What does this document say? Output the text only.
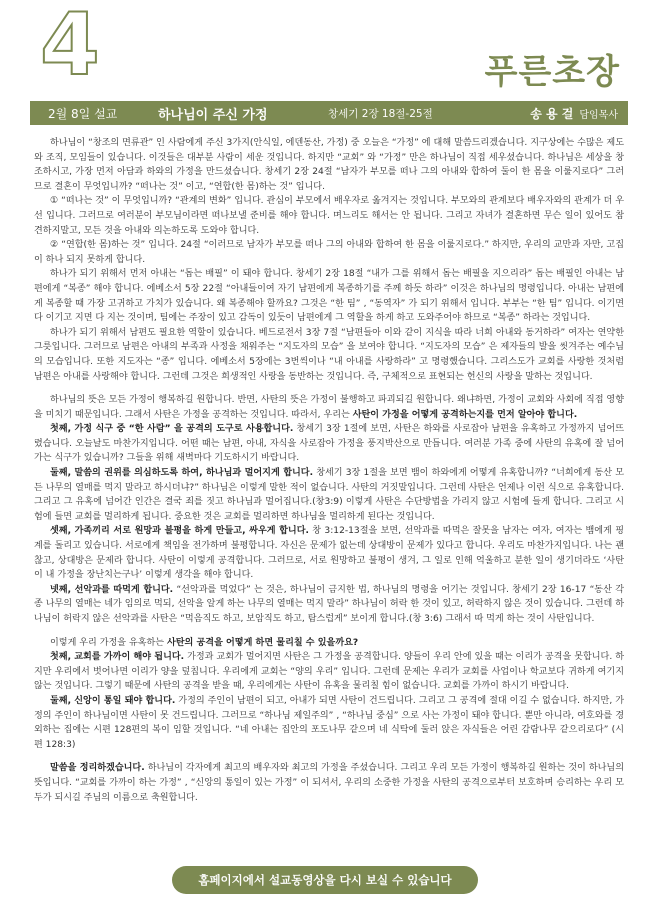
4	푸른초장
2월 8일 설교	하나님이 주신 가정	창세기 2장 18절-25절	송 용 걸 담임목사

하나님이 “창조의 면류관” 인 사람에게 주신 3가지(안식일, 에덴동산, 가정) 중 오늘은 “가정” 에 대해 말씀드리겠습니다. 지구상에는 수많은 제도와 조직, 모임들이 있습니다. 이것들은 대부분 사람이 세운 것입니다. 하지만 “교회” 와 “가정” 만은 하나님이 직접 세우셨습니다. 하나님은 세상을 창조하시고, 가장 먼저 아담과 하와의 가정을 만드셨습니다. 창세기 2장 24절 “남자가 부모를 떠나 그의 아내와 합하여 둘이 한 몸을 이룰지로다” 그러므로 결혼이 무엇입니까? “떠나는 것” 이고, “연합(한 몸)하는 것” 입니다.

① “떠나는 것” 이 무엇입니까? “관계의 변화” 입니다. 관심이 부모에서 배우자로 옮겨지는 것입니다. 부모와의 관계보다 배우자와의 관계가 더 우선 입니다. 그러므로 여러분이 부모님이라면 떠나보낼 준비를 해야 합니다. 며느리도 해서는 안 됩니다. 그리고 자녀가 결혼하면 무슨 일이 있어도 참견하지말고, 모든 것을 아내와 의논하도록 도와야 합니다.

② “연합(한 몸)하는 것” 입니다. 24절 “이러므로 남자가 부모를 떠나 그의 아내와 합하여 한 몸을 이룰지로다.” 하지만, 우리의 교만과 자만, 고집이 하나 되지 못하게 합니다.

하나가 되기 위해서 먼저 아내는 “돕는 배필” 이 돼야 합니다. 창세기 2장 18절 “내가 그를 위해서 돕는 배필을 지으리라” 돕는 배필인 아내는 남편에게 “복종” 해야 합니다. 에베소서 5장 22절 “아내들이여 자기 남편에게 복종하기를 주께 하듯 하라” 이것은 하나님의 명령입니다. 아내는 남편에게 복종할 때 가장 고귀하고 가치가 있습니다. 왜 복종해야 할까요? 그것은 “한 팀” , “동역자” 가 되기 위해서 입니다. 부부는 “한 팀” 입니다. 이기면 다 이기고 지면 다 지는 것이며, 팀에는 주장이 있고 감독이 있듯이 남편에게 그 역할을 하게 하고 도와주어야 하므로 “복종” 하라는 것입니다.

하나가 되기 위해서 남편도 필요한 역할이 있습니다. 베드로전서 3장 7절 “남편들아 이와 같이 지식을 따라 너희 아내와 동거하라” 여자는 연약한 그릇입니다. 그러므로 남편은 아내의 부족과 사정을 채워주는 “지도자의 모습” 을 보여야 합니다. “지도자의 모습” 은 제자들의 발을 씻겨주는 예수님의 모습입니다. 또한 지도자는 “종” 입니다. 에베소서 5장에는 3번씩이나 “내 아내를 사랑하라” 고 명령했습니다. 그리스도가 교회를 사랑한 것처럼 남편은 아내를 사랑해야 합니다. 그런데 그것은 희생적인 사랑을 동반하는 것입니다. 즉, 구체적으로 표현되는 헌신의 사랑을 말하는 것입니다.

하나님의 뜻은 모든 가정이 행복하길 원합니다. 반면, 사탄의 뜻은 가정이 불행하고 파괴되길 원합니다. 왜냐하면, 가정이 교회와 사회에 직접 영향을 미치기 때문입니다. 그래서 사탄은 가정을 공격하는 것입니다. 따라서, 우리는 사탄이 가정을 어떻게 공격하는지를 먼저 알아야 합니다.

첫째, 가정 식구 중 “한 사람” 을 공격의 도구로 사용합니다. 창세기 3장 1절에 보면, 사탄은 하와를 사로잡아 남편을 유혹하고 가정까지 넘어뜨렸습니다. 오늘날도 마찬가지입니다. 어떤 때는 남편, 아내, 자식을 사로잡아 가정을 풍지박산으로 만듭니다. 여러분 가족 중에 사탄의 유혹에 잘 넘어가는 식구가 있습니까? 그들을 위해 새벽마다 기도하시기 바랍니다.

둘째, 말씀의 권위를 의심하도록 하여, 하나님과 멀어지게 합니다. 창세기 3장 1절을 보면 뱀이 하와에게 어떻게 유혹합니까? “너희에게 동산 모든 나무의 열매를 먹지 말라고 하시더냐?” 하나님은 이렇게 말한 적이 없습니다. 사탄의 거짓말입니다. 그런데 사탄은 언제나 이런 식으로 유혹합니다. 그리고 그 유혹에 넘어간 인간은 결국 죄를 짓고 하나님과 멀어집니다.(창3:9) 이렇게 사탄은 수단방법을 가리지 않고 시험에 들게 합니다. 그리고 시험에 들면 교회를 멀리하게 됩니다. 중요한 것은 교회를 멀리하면 하나님을 멀리하게 된다는 것입니다.

셋째, 가족끼리 서로 원망과 불평을 하게 만들고, 싸우게 합니다. 창 3:12-13절을 보면, 선악과를 따먹은 잘못을 남자는 여자, 여자는 뱀에게 핑계를 돌리고 있습니다. 서로에게 책임을 전가하며 불평합니다. 자신은 문제가 없는데 상대방이 문제가 있다고 합니다. 우리도 마찬가지입니다. 나는 괜찮고, 상대방은 문제라 합니다. 사탄이 이렇게 공격합니다. 그러므로, 서로 원망하고 불평이 생겨, 그 일로 인해 억울하고 분한 일이 생기더라도 ‘사탄이 내 가정을 장난치는구나’ 이렇게 생각을 해야 합니다.

넷째, 선악과를 따먹게 합니다. “선악과를 먹었다” 는 것은, 하나님이 금지한 법, 하나님의 명령을 어기는 것입니다. 창세기 2장 16-17 “동산 각종 나무의 열매는 네가 임의로 먹되, 선악을 알게 하는 나무의 열매는 먹지 말라” 하나님이 허락 한 것이 있고, 허락하지 않은 것이 있습니다. 그런데 하나님이 허락지 않은 선악과를 사탄은 “먹음직도 하고, 보암직도 하고, 탐스럽게” 보이게 합니다.(창 3:6) 그래서 따 먹게 하는 것이 사탄입니다.

이렇게 우리 가정을 유혹하는 사탄의 공격을 어떻게 하면 물리칠 수 있을까요?

첫째, 교회를 가까이 해야 됩니다. 가정과 교회가 멀어지면 사탄은 그 가정을 공격합니다. 양들이 우리 안에 있을 때는 이리가 공격을 못합니다. 하지만 우리에서 벗어나면 이리가 양을 덮칩니다. 우리에게 교회는 “양의 우리” 입니다. 그런데 문제는 우리가 교회를 사업이나 학교보다 귀하게 여기지 않는 것입니다. 그렇기 때문에 사탄의 공격을 받을 때, 우리에게는 사탄이 유혹을 물리칠 힘이 없습니다. 교회를 가까이 하시기 바랍니다.

둘째, 신앙이 통일 돼야 합니다. 가정의 주인이 남편이 되고, 아내가 되면 사탄이 건드립니다. 그리고 그 공격에 절대 이길 수 없습니다. 하지만, 가정의 주인이 하나님이면 사탄이 못 건드립니다. 그러므로 “하나님 제일주의” , “하나님 중심” 으로 사는 가정이 돼야 합니다. 뿐만 아니라, 여호와를 경외하는 집에는 시편 128편의 복이 임할 것입니다. “네 아내는 집안의 포도나무 같으며 네 식탁에 둘러 앉은 자식들은 어린 감람나무 같으리로다” (시편 128:3)

말씀을 정리하겠습니다. 하나님이 각자에게 최고의 배우자와 최고의 가정을 주셨습니다. 그리고 우리 모든 가정이 행복하길 원하는 것이 하나님의 뜻입니다. “교회를 가까이 하는 가정” , “신앙의 통일이 있는 가정” 이 되셔서, 우리의 소중한 가정을 사탄의 공격으로부터 보호하며 승리하는 우리 모두가 되시길 주님의 이름으로 축원합니다.

홈페이지에서 설교동영상을 다시 보실 수 있습니다
